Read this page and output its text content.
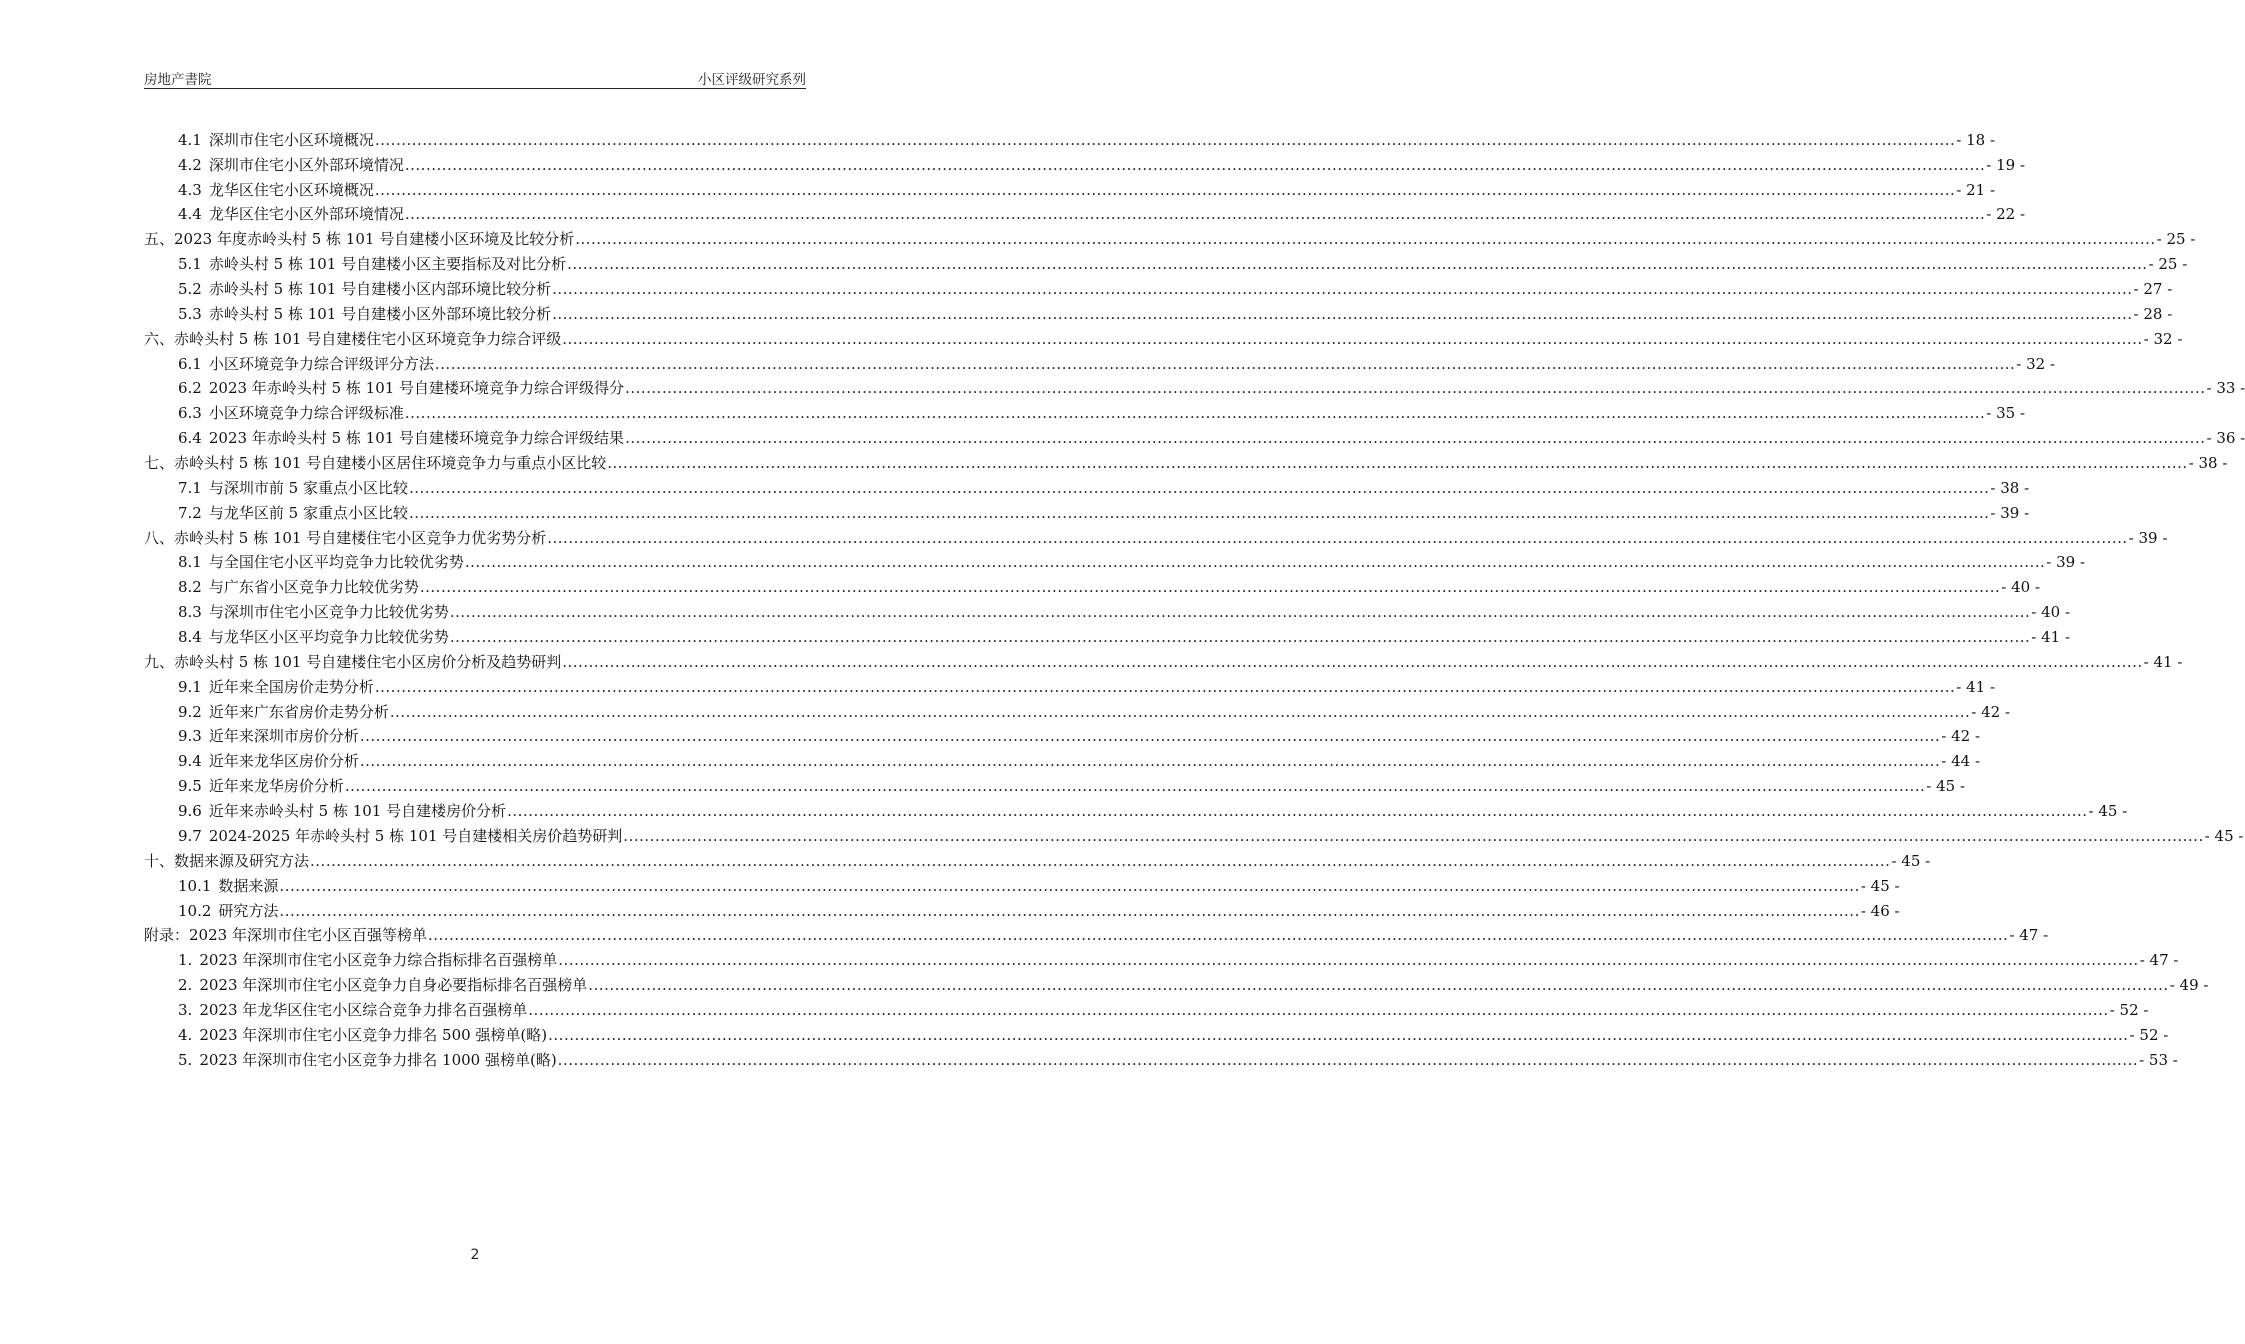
房地产書院	小区评级研究系列
4.1 深圳市住宅小区环境概况 ............................................................................................................................................................................................................................................................................................................ - 18 -
4.2 深圳市住宅小区外部环境情况 ............................................................................................................................................................................................................................................................................................................ - 19 -
4.3 龙华区住宅小区环境概况 ............................................................................................................................................................................................................................................................................................................ - 21 -
4.4 龙华区住宅小区外部环境情况 ............................................................................................................................................................................................................................................................................................................ - 22 -
五、2023 年度赤岭头村 5 栋 101 号自建楼小区环境及比较分析 ............................................................................................................................................................................................................................................................................................................ - 25 -
5.1 赤岭头村 5 栋 101 号自建楼小区主要指标及对比分析 ............................................................................................................................................................................................................................................................................................................ - 25 -
5.2 赤岭头村 5 栋 101 号自建楼小区内部环境比较分析 ............................................................................................................................................................................................................................................................................................................ - 27 -
5.3 赤岭头村 5 栋 101 号自建楼小区外部环境比较分析 ............................................................................................................................................................................................................................................................................................................ - 28 -
六、赤岭头村 5 栋 101 号自建楼住宅小区环境竞争力综合评级 ............................................................................................................................................................................................................................................................................................................ - 32 -
6.1 小区环境竞争力综合评级评分方法 ............................................................................................................................................................................................................................................................................................................ - 32 -
6.2 2023 年赤岭头村 5 栋 101 号自建楼环境竞争力综合评级得分 ............................................................................................................................................................................................................................................................................................................ - 33 -
6.3 小区环境竞争力综合评级标准 ............................................................................................................................................................................................................................................................................................................ - 35 -
6.4 2023 年赤岭头村 5 栋 101 号自建楼环境竞争力综合评级结果 ............................................................................................................................................................................................................................................................................................................ - 36 -
七、赤岭头村 5 栋 101 号自建楼小区居住环境竞争力与重点小区比较 ............................................................................................................................................................................................................................................................................................................ - 38 -
7.1 与深圳市前 5 家重点小区比较 ............................................................................................................................................................................................................................................................................................................ - 38 -
7.2 与龙华区前 5 家重点小区比较 ............................................................................................................................................................................................................................................................................................................ - 39 -
八、赤岭头村 5 栋 101 号自建楼住宅小区竞争力优劣势分析 ............................................................................................................................................................................................................................................................................................................ - 39 -
8.1 与全国住宅小区平均竞争力比较优劣势 ............................................................................................................................................................................................................................................................................................................ - 39 -
8.2 与广东省小区竞争力比较优劣势 ............................................................................................................................................................................................................................................................................................................ - 40 -
8.3 与深圳市住宅小区竞争力比较优劣势 ............................................................................................................................................................................................................................................................................................................ - 40 -
8.4 与龙华区小区平均竞争力比较优劣势 ............................................................................................................................................................................................................................................................................................................ - 41 -
九、赤岭头村 5 栋 101 号自建楼住宅小区房价分析及趋势研判 ............................................................................................................................................................................................................................................................................................................ - 41 -
9.1 近年来全国房价走势分析 ............................................................................................................................................................................................................................................................................................................ - 41 -
9.2 近年来广东省房价走势分析 ............................................................................................................................................................................................................................................................................................................ - 42 -
9.3 近年来深圳市房价分析 ............................................................................................................................................................................................................................................................................................................ - 42 -
9.4 近年来龙华区房价分析 ............................................................................................................................................................................................................................................................................................................ - 44 -
9.5 近年来龙华房价分析 ............................................................................................................................................................................................................................................................................................................ - 45 -
9.6 近年来赤岭头村 5 栋 101 号自建楼房价分析 ............................................................................................................................................................................................................................................................................................................ - 45 -
9.7 2024-2025 年赤岭头村 5 栋 101 号自建楼相关房价趋势研判 ............................................................................................................................................................................................................................................................................................................ - 45 -
十、数据来源及研究方法 ............................................................................................................................................................................................................................................................................................................ - 45 -
10.1 数据来源 ............................................................................................................................................................................................................................................................................................................ - 45 -
10.2 研究方法 ............................................................................................................................................................................................................................................................................................................ - 46 -
附录：2023 年深圳市住宅小区百强等榜单 ............................................................................................................................................................................................................................................................................................................ - 47 -
1. 2023 年深圳市住宅小区竞争力综合指标排名百强榜单 ............................................................................................................................................................................................................................................................................................................ - 47 -
2. 2023 年深圳市住宅小区竞争力自身必要指标排名百强榜单 ............................................................................................................................................................................................................................................................................................................ - 49 -
3. 2023 年龙华区住宅小区综合竞争力排名百强榜单 ............................................................................................................................................................................................................................................................................................................ - 52 -
4. 2023 年深圳市住宅小区竞争力排名 500 强榜单(略) ............................................................................................................................................................................................................................................................................................................ - 52 -
5. 2023 年深圳市住宅小区竞争力排名 1000 强榜单(略) ............................................................................................................................................................................................................................................................................................................ - 53 -
2
